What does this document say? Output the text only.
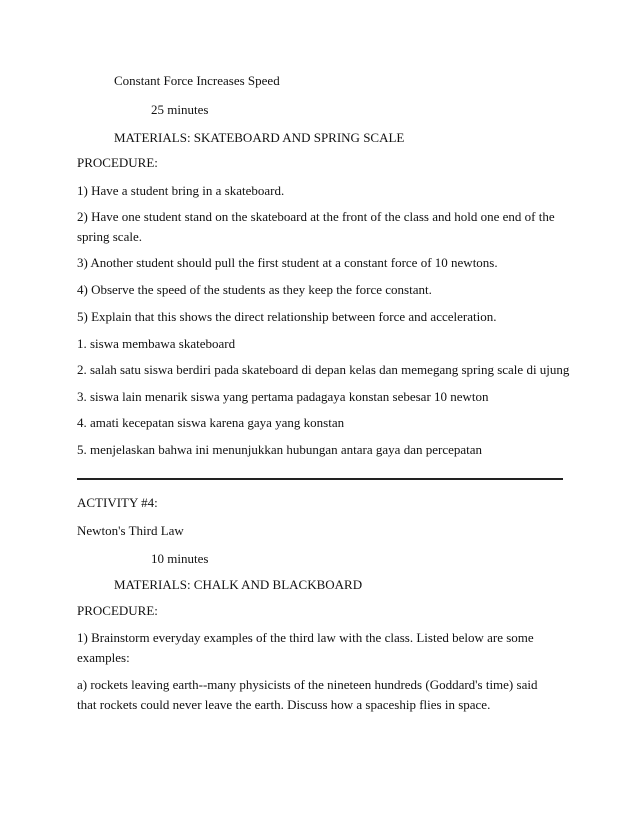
Constant Force Increases Speed
25 minutes
MATERIALS: SKATEBOARD AND SPRING SCALE
PROCEDURE:
1) Have a student bring in a skateboard.
2) Have one student stand on the skateboard at the front of the class and hold one end of the spring scale.
3) Another student should pull the first student at a constant force of 10 newtons.
4) Observe the speed of the students as they keep the force constant.
5) Explain that this shows the direct relationship between force and acceleration.
1. siswa membawa skateboard
2. salah satu siswa berdiri pada skateboard di depan kelas dan memegang spring scale di ujung
3. siswa lain menarik siswa yang pertama padagaya konstan sebesar 10 newton
4. amati kecepatan siswa karena gaya yang konstan
5. menjelaskan bahwa ini menunjukkan hubungan antara gaya dan percepatan
ACTIVITY #4:
Newton's Third Law
10 minutes
MATERIALS: CHALK AND BLACKBOARD
PROCEDURE:
1) Brainstorm everyday examples of the third law with the class. Listed below are some examples:
a) rockets leaving earth--many physicists of the nineteen hundreds (Goddard's time) said that rockets could never leave the earth. Discuss how a spaceship flies in space.
